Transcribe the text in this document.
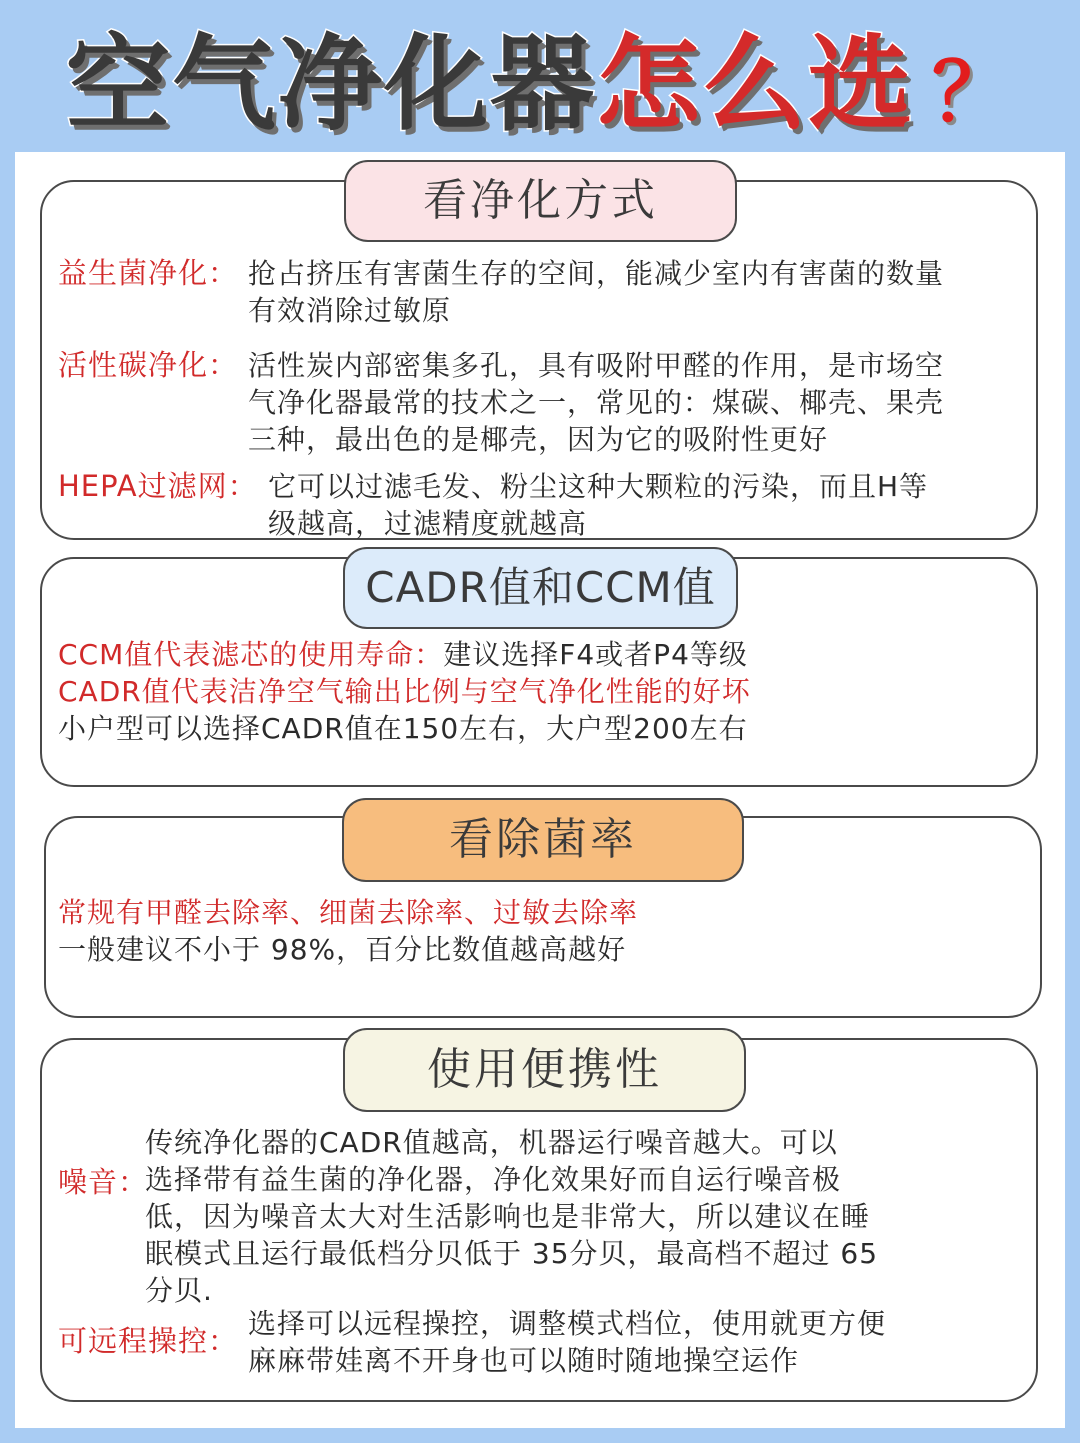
空气净化器怎么选 ？
看净化方式
益生菌净化： 抢占挤压有害菌生存的空间，能减少室内有害菌的数量
有效消除过敏原
活性碳净化： 活性炭内部密集多孔，具有吸附甲醛的作用，是市场空
气净化器最常的技术之一，常见的：煤碳、椰壳、果壳
三种，最出色的是椰壳，因为它的吸附性更好
HEPA过滤网： 它可以过滤毛发、粉尘这种大颗粒的污染，而且H等
级越高，过滤精度就越高
CADR值和CCM值
CCM值代表滤芯的使用寿命：建议选择F4或者P4等级
CADR值代表洁净空气输出比例与空气净化性能的好坏
小户型可以选择CADR值在150左右，大户型200左右
看除菌率
常规有甲醛去除率、细菌去除率、过敏去除率
一般建议不小于 98%，百分比数值越高越好
使用便携性
噪音：
传统净化器的CADR值越高，机器运行噪音越大。可以
选择带有益生菌的净化器，净化效果好而自运行噪音极
低，因为噪音太大对生活影响也是非常大，所以建议在睡
眠模式且运行最低档分贝低于 35分贝，最高档不超过 65
分贝.
可远程操控：
选择可以远程操控，调整模式档位，使用就更方便
麻麻带娃离不开身也可以随时随地操空运作
